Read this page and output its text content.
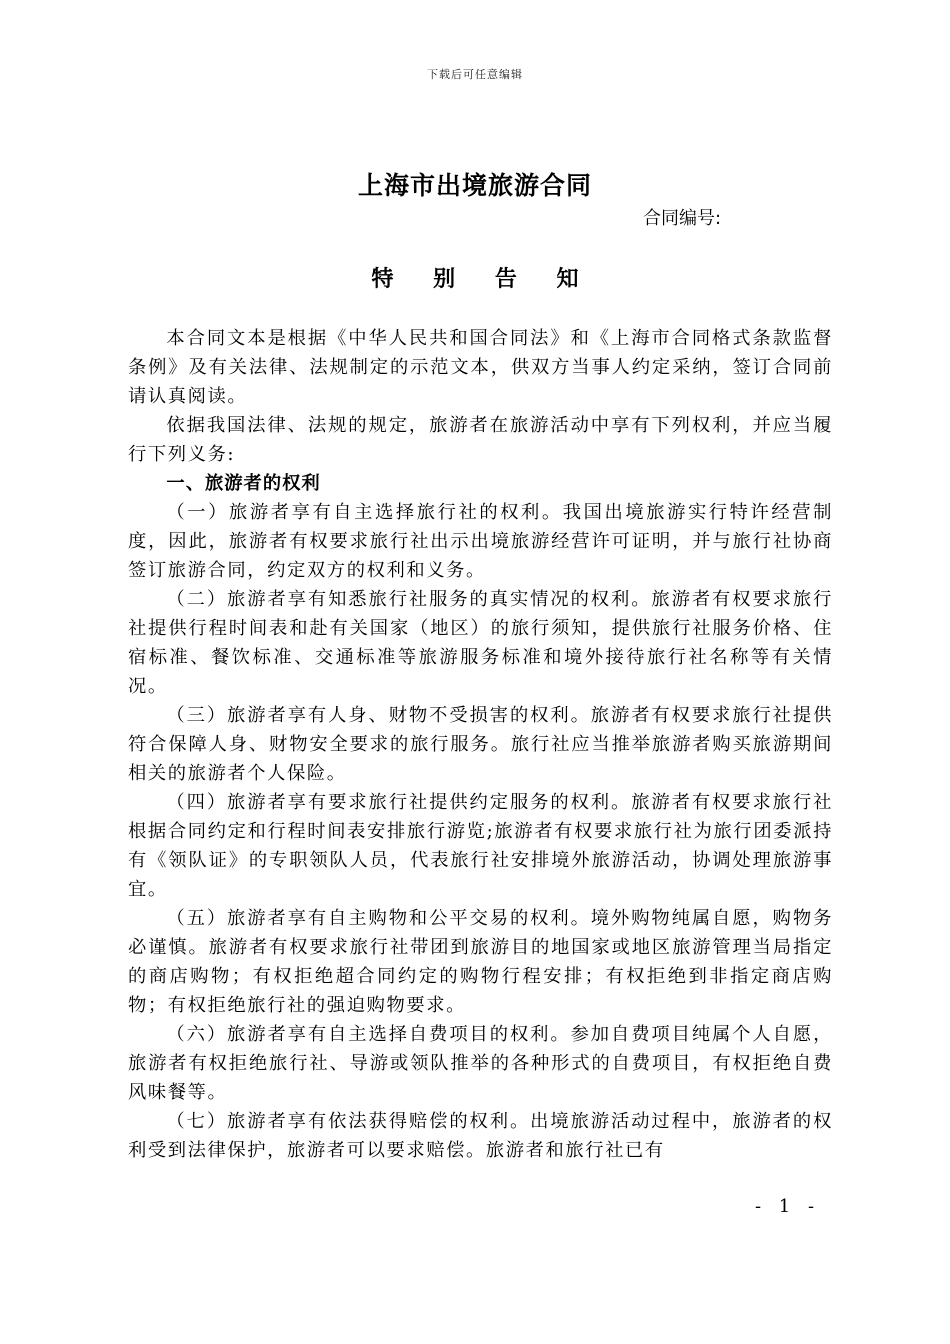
下载后可任意编辑
上海市出境旅游合同
合同编号:
特 别 告 知

本合同文本是根据《中华人民共和国合同法》和《上海市合同格式条款监督条例》及有关法律、法规制定的示范文本，供双方当事人约定采纳，签订合同前请认真阅读。

依据我国法律、法规的规定，旅游者在旅游活动中享有下列权利，并应当履行下列义务:

一、旅游者的权利

（一）旅游者享有自主选择旅行社的权利。我国出境旅游实行特许经营制度，因此，旅游者有权要求旅行社出示出境旅游经营许可证明，并与旅行社协商签订旅游合同，约定双方的权利和义务。

（二）旅游者享有知悉旅行社服务的真实情况的权利。旅游者有权要求旅行社提供行程时间表和赴有关国家（地区）的旅行须知，提供旅行社服务价格、住宿标准、餐饮标准、交通标准等旅游服务标准和境外接待旅行社名称等有关情况。

（三）旅游者享有人身、财物不受损害的权利。旅游者有权要求旅行社提供符合保障人身、财物安全要求的旅行服务。旅行社应当推举旅游者购买旅游期间相关的旅游者个人保险。

（四）旅游者享有要求旅行社提供约定服务的权利。旅游者有权要求旅行社根据合同约定和行程时间表安排旅行游览;旅游者有权要求旅行社为旅行团委派持有《领队证》的专职领队人员，代表旅行社安排境外旅游活动，协调处理旅游事宜。

（五）旅游者享有自主购物和公平交易的权利。境外购物纯属自愿，购物务必谨慎。旅游者有权要求旅行社带团到旅游目的地国家或地区旅游管理当局指定的商店购物；有权拒绝超合同约定的购物行程安排；有权拒绝到非指定商店购物；有权拒绝旅行社的强迫购物要求。

（六）旅游者享有自主选择自费项目的权利。参加自费项目纯属个人自愿，旅游者有权拒绝旅行社、导游或领队推举的各种形式的自费项目，有权拒绝自费风味餐等。

（七）旅游者享有依法获得赔偿的权利。出境旅游活动过程中，旅游者的权利受到法律保护，旅游者可以要求赔偿。旅游者和旅行社已有

- 1 -
